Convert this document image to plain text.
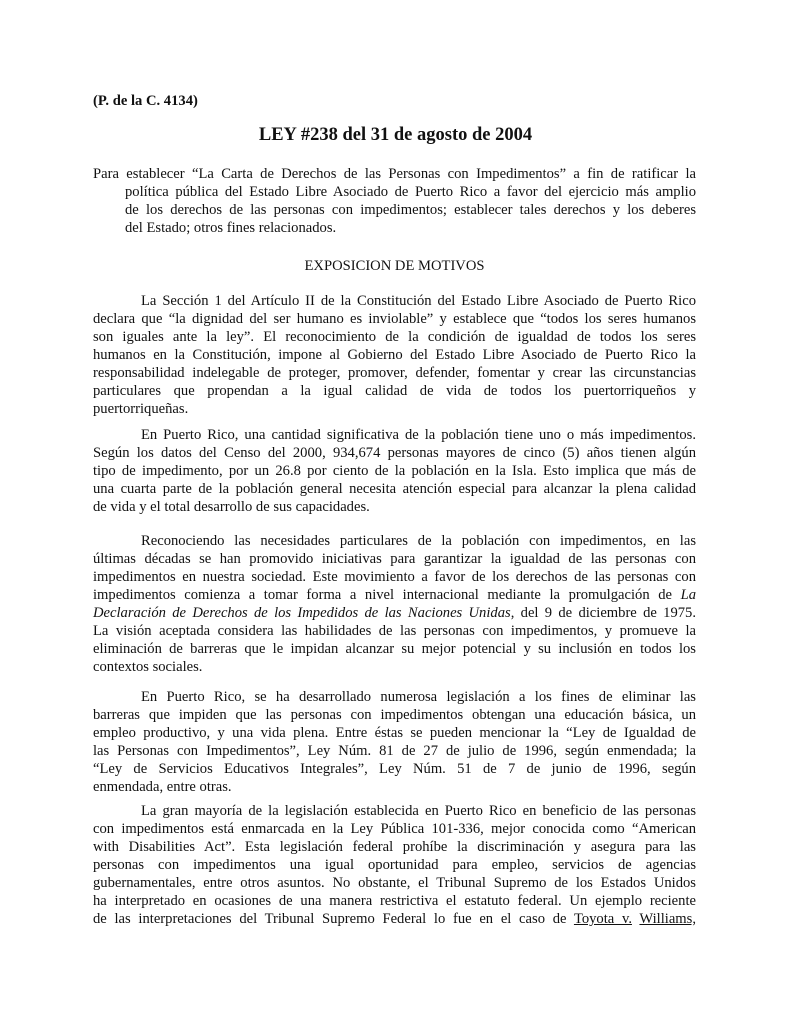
(P. de la C. 4134)
LEY #238 del 31 de agosto de 2004
Para establecer “La Carta de Derechos de las Personas con Impedimentos” a fin de ratificar la
política pública del Estado Libre Asociado de Puerto Rico a favor del ejercicio más amplio
de los derechos de las personas con impedimentos; establecer tales derechos y los deberes
del Estado; otros fines relacionados.
EXPOSICION DE MOTIVOS
La Sección 1 del Artículo II de la Constitución del Estado Libre Asociado de Puerto Rico
declara que “la dignidad del ser humano es inviolable” y establece que “todos los seres humanos
son iguales ante la ley”. El reconocimiento de la condición de igualdad de todos los seres
humanos en la Constitución, impone al Gobierno del Estado Libre Asociado de Puerto Rico la
responsabilidad indelegable de proteger, promover, defender, fomentar y crear las circunstancias
particulares que propendan a la igual calidad de vida de todos los puertorriqueños y
puertorriqueñas.
En Puerto Rico, una cantidad significativa de la población tiene uno o más impedimentos.
Según los datos del Censo del 2000, 934,674 personas mayores de cinco (5) años tienen algún
tipo de impedimento, por un 26.8 por ciento de la población en la Isla. Esto implica que más de
una cuarta parte de la población general necesita atención especial para alcanzar la plena calidad
de vida y el total desarrollo de sus capacidades.
Reconociendo las necesidades particulares de la población con impedimentos, en las
últimas décadas se han promovido iniciativas para garantizar la igualdad de las personas con
impedimentos en nuestra sociedad. Este movimiento a favor de los derechos de las personas con
impedimentos comienza a tomar forma a nivel internacional mediante la promulgación de La
Declaración de Derechos de los Impedidos de las Naciones Unidas, del 9 de diciembre de 1975.
La visión aceptada considera las habilidades de las personas con impedimentos, y promueve la
eliminación de barreras que le impidan alcanzar su mejor potencial y su inclusión en todos los
contextos sociales.
En Puerto Rico, se ha desarrollado numerosa legislación a los fines de eliminar las
barreras que impiden que las personas con impedimentos obtengan una educación básica, un
empleo productivo, y una vida plena. Entre éstas se pueden mencionar la “Ley de Igualdad de
las Personas con Impedimentos”, Ley Núm. 81 de 27 de julio de 1996, según enmendada; la
“Ley de Servicios Educativos Integrales”, Ley Núm. 51 de 7 de junio de 1996, según
enmendada, entre otras.
La gran mayoría de la legislación establecida en Puerto Rico en beneficio de las personas
con impedimentos está enmarcada en la Ley Pública 101-336, mejor conocida como “American
with Disabilities Act”. Esta legislación federal prohíbe la discriminación y asegura para las
personas con impedimentos una igual oportunidad para empleo, servicios de agencias
gubernamentales, entre otros asuntos. No obstante, el Tribunal Supremo de los Estados Unidos
ha interpretado en ocasiones de una manera restrictiva el estatuto federal. Un ejemplo reciente
de las interpretaciones del Tribunal Supremo Federal lo fue en el caso de Toyota v. Williams,
